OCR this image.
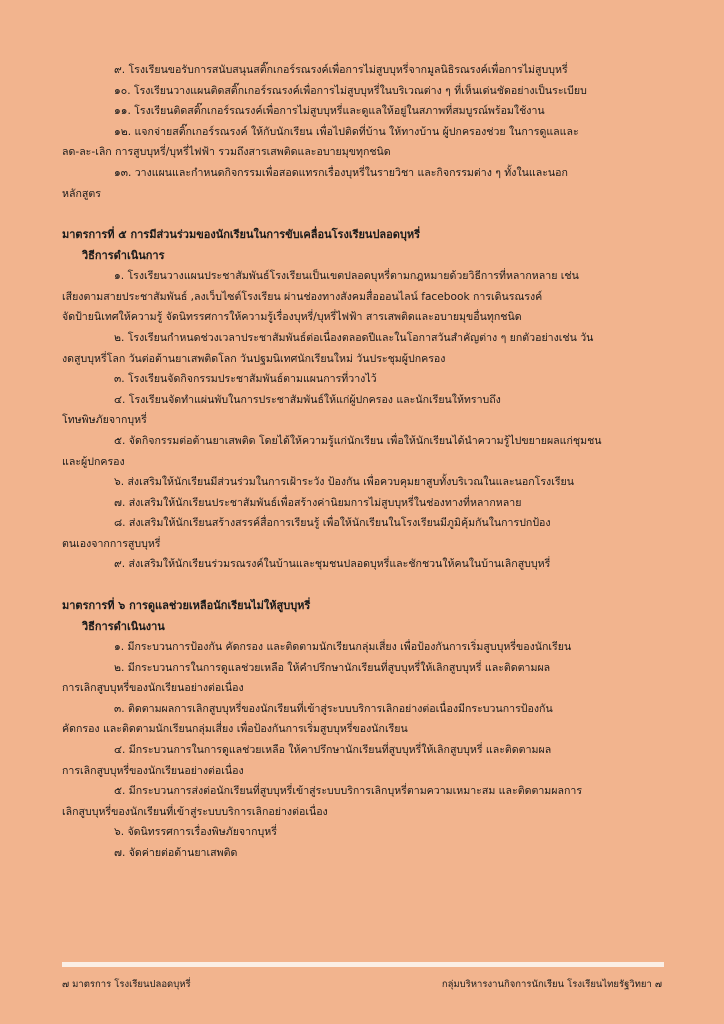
๙. โรงเรียนขอรับการสนับสนุนสติ๊กเกอร์รณรงค์เพื่อการไม่สูบบุหรี่จากมูลนิธิรณรงค์เพื่อการไม่สูบบุหรี่
๑๐. โรงเรียนวางแผนติดสติ๊กเกอร์รณรงค์เพื่อการไม่สูบบุหรี่ในบริเวณต่าง ๆ ที่เห็นเด่นชัดอย่างเป็นระเบียบ
๑๑. โรงเรียนติดสติ๊กเกอร์รณรงค์เพื่อการไม่สูบบุหรี่และดูแลให้อยู่ในสภาพที่สมบูรณ์พร้อมใช้งาน
๑๒. แจกจ่ายสติ๊กเกอร์รณรงค์ ให้กับนักเรียน เพื่อไปติดที่บ้าน ให้ทางบ้าน ผู้ปกครองช่วย ในการดูแลและ
ลด-ละ-เลิก การสูบบุหรี่/บุหรี่ไฟฟ้า รวมถึงสารเสพติดและอบายมุขทุกชนิด
๑๓. วางแผนและกำหนดกิจกรรมเพื่อสอดแทรกเรื่องบุหรี่ในรายวิชา และกิจกรรมต่าง ๆ ทั้งในและนอก
หลักสูตร
มาตรการที่ ๕ การมีส่วนร่วมของนักเรียนในการขับเคลื่อนโรงเรียนปลอดบุหรี่
วิธีการดำเนินการ
๑. โรงเรียนวางแผนประชาสัมพันธ์โรงเรียนเป็นเขตปลอดบุหรี่ตามกฎหมายด้วยวิธีการที่หลากหลาย เช่น
เสียงตามสายประชาสัมพันธ์ ,ลงเว็บไซต์โรงเรียน ผ่านช่องทางสังคมสื่อออนไลน์ facebook การเดินรณรงค์
จัดป้ายนิเทศให้ความรู้ จัดนิทรรศการให้ความรู้เรื่องบุหรี่/บุหรี่ไฟฟ้า สารเสพติดและอบายมุขอื่นทุกชนิด
๒. โรงเรียนกำหนดช่วงเวลาประชาสัมพันธ์ต่อเนื่องตลอดปีและในโอกาสวันสำคัญต่าง ๆ ยกตัวอย่างเช่น วัน
งดสูบบุหรี่โลก วันต่อต้านยาเสพติดโลก วันปฐมนิเทศนักเรียนใหม่ วันประชุมผู้ปกครอง
๓. โรงเรียนจัดกิจกรรมประชาสัมพันธ์ตามแผนการที่วางไว้
๔. โรงเรียนจัดทำแผ่นพับในการประชาสัมพันธ์ให้แก่ผู้ปกครอง และนักเรียนให้ทราบถึง
โทษพิษภัยจากบุหรี่
๕. จัดกิจกรรมต่อต้านยาเสพติด โดยได้ให้ความรู้แก่นักเรียน เพื่อให้นักเรียนได้นำความรู้ไปขยายผลแก่ชุมชน
และผู้ปกครอง
๖. ส่งเสริมให้นักเรียนมีส่วนร่วมในการเฝ้าระวัง ป้องกัน เพื่อควบคุมยาสูบทั้งบริเวณในและนอกโรงเรียน
๗. ส่งเสริมให้นักเรียนประชาสัมพันธ์เพื่อสร้างค่านิยมการไม่สูบบุหรี่ในช่องทางที่หลากหลาย
๘. ส่งเสริมให้นักเรียนสร้างสรรค์สื่อการเรียนรู้ เพื่อให้นักเรียนในโรงเรียนมีภูมิคุ้มกันในการปกป้อง
ตนเองจากการสูบบุหรี่
๙. ส่งเสริมให้นักเรียนร่วมรณรงค์ในบ้านและชุมชนปลอดบุหรี่และชักชวนให้คนในบ้านเลิกสูบบุหรี่
มาตรการที่ ๖ การดูแลช่วยเหลือนักเรียนไม่ให้สูบบุหรี่
วิธีการดำเนินงาน
๑. มีกระบวนการป้องกัน คัดกรอง และติดตามนักเรียนกลุ่มเสี่ยง เพื่อป้องกันการเริ่มสูบบุหรี่ของนักเรียน
๒. มีกระบวนการในการดูแลช่วยเหลือ ให้คำปรึกษานักเรียนที่สูบบุหรี่ให้เลิกสูบบุหรี่ และติดตามผล
การเลิกสูบบุหรี่ของนักเรียนอย่างต่อเนื่อง
๓. ติดตามผลการเลิกสูบบุหรี่ของนักเรียนที่เข้าสู่ระบบบริการเลิกอย่างต่อเนื่องมีกระบวนการป้องกัน
คัดกรอง และติดตามนักเรียนกลุ่มเสี่ยง เพื่อป้องกันการเริ่มสูบบุหรี่ของนักเรียน
๔. มีกระบวนการในการดูแลช่วยเหลือ ให้คาปรึกษานักเรียนที่สูบบุหรี่ให้เลิกสูบบุหรี่ และติดตามผล
การเลิกสูบบุหรี่ของนักเรียนอย่างต่อเนื่อง
๕. มีกระบวนการส่งต่อนักเรียนที่สูบบุหรี่เข้าสู่ระบบบริการเลิกบุหรี่ตามความเหมาะสม และติดตามผลการ
เลิกสูบบุหรี่ของนักเรียนที่เข้าสู่ระบบบริการเลิกอย่างต่อเนื่อง
๖. จัดนิทรรศการเรื่องพิษภัยจากบุหรี่
๗. จัดค่ายต่อต้านยาเสพติด
๗ มาตรการ โรงเรียนปลอดบุหรี่	กลุ่มบริหารงานกิจการนักเรียน โรงเรียนไทยรัฐวิทยา ๗
